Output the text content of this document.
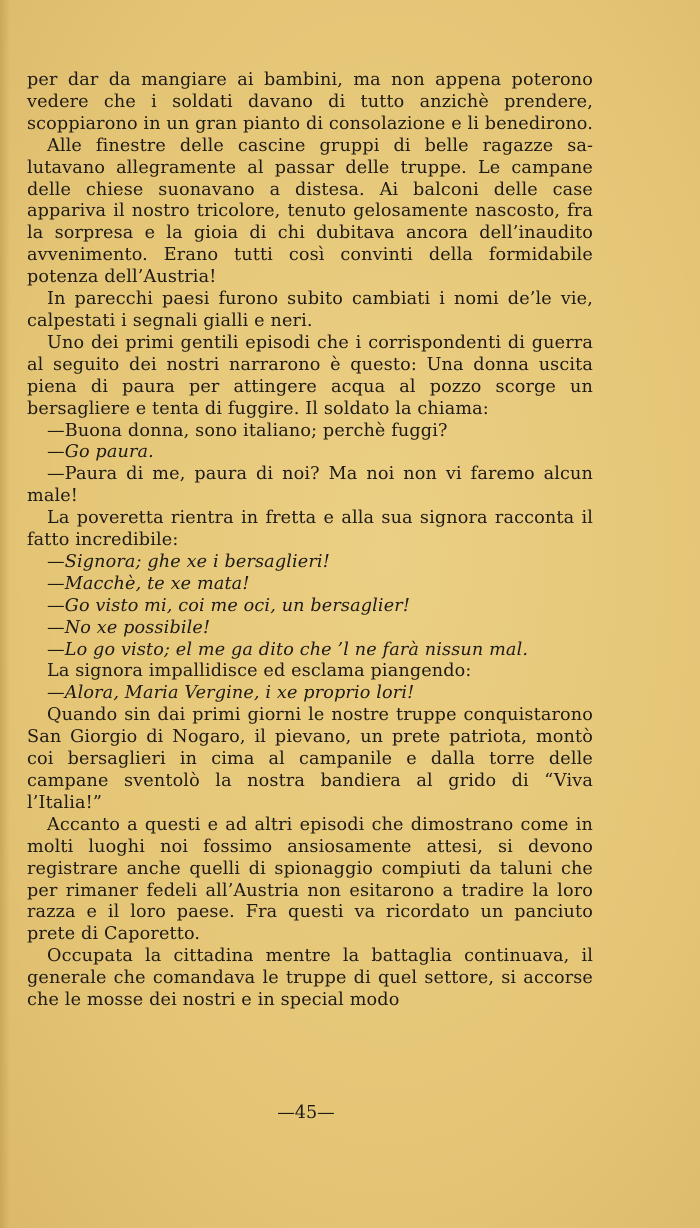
per dar da mangiare ai bambini, ma non appena poterono vedere che i soldati davano di tutto anzichè prendere, scoppiarono in un gran pianto di consolazione e li benedirono.

Alle finestre delle cascine gruppi di belle ragazze salutavano allegramente al passar delle truppe. Le campane delle chiese suonavano a distesa. Ai balconi delle case appariva il nostro tricolore, tenuto gelosamente nascosto, fra la sorpresa e la gioia di chi dubitava ancora dell’inaudito avvenimento. Erano tutti così convinti della formidabile potenza dell’Austria!

In parecchi paesi furono subito cambiati i nomi de’le vie, calpestati i segnali gialli e neri.

Uno dei primi gentili episodi che i corrispondenti di guerra al seguito dei nostri narrarono è questo: Una donna uscita piena di paura per attingere acqua al pozzo scorge un bersagliere e tenta di fuggire. Il soldato la chiama:

—Buona donna, sono italiano; perchè fuggi?

—Go paura.

—Paura di me, paura di noi? Ma noi non vi faremo alcun male!

La poveretta rientra in fretta e alla sua signora racconta il fatto incredibile:

—Signora; ghe xe i bersaglieri!

—Macchè, te xe mata!

—Go visto mi, coi me oci, un bersaglier!

—No xe possibile!

—Lo go visto; el me ga dito che ’l ne farà nissun mal.

La signora impallidisce ed esclama piangendo:

—Alora, Maria Vergine, i xe proprio lori!

Quando sin dai primi giorni le nostre truppe conquistarono San Giorgio di Nogaro, il pievano, un prete patriota, montò coi bersaglieri in cima al campanile e dalla torre delle campane sventolò la nostra bandiera al grido di “Viva l’Italia!”

Accanto a questi e ad altri episodi che dimostrano come in molti luoghi noi fossimo ansiosamente attesi, si devono registrare anche quelli di spionaggio compiuti da taluni che per rimaner fedeli all’Austria non esitarono a tradire la loro razza e il loro paese. Fra questi va ricordato un panciuto prete di Caporetto.

Occupata la cittadina mentre la battaglia continuava, il generale che comandava le truppe di quel settore, si accorse che le mosse dei nostri e in special modo

—45—
